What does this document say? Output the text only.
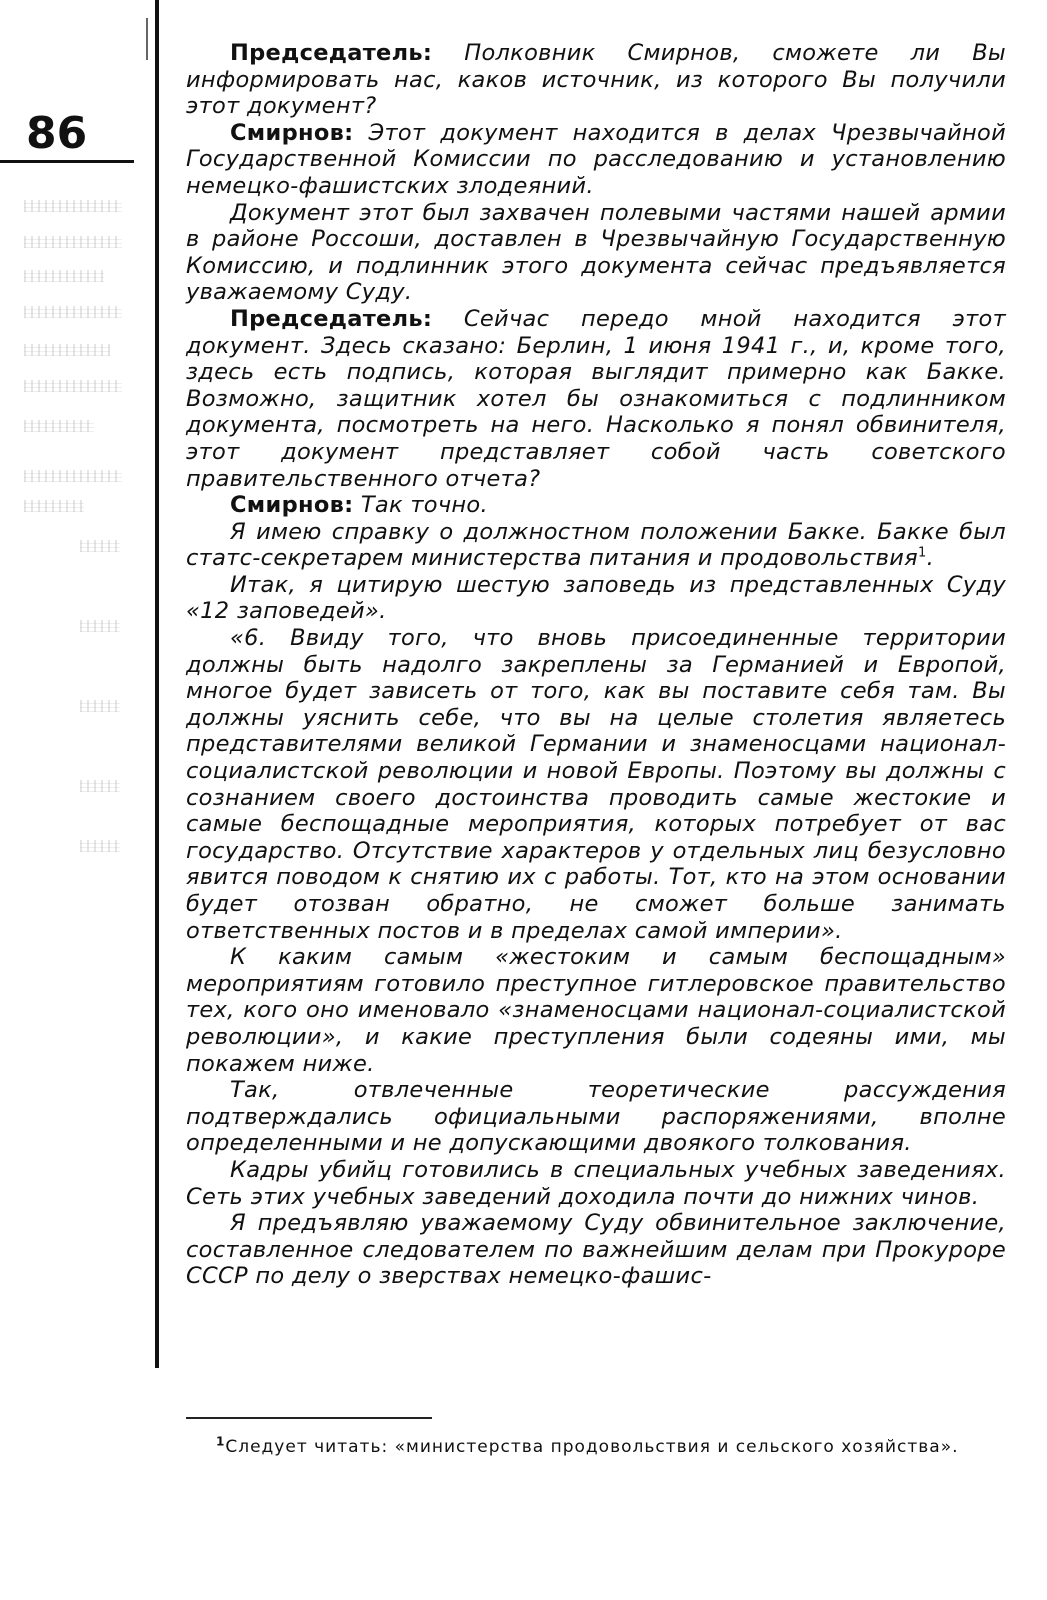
86

Председатель: Полковник Смирнов, сможете ли Вы информировать нас, каков источник, из которого Вы получили этот документ?

Смирнов: Этот документ находится в делах Чрезвычайной Государственной Комиссии по расследованию и установлению немецко-фашистских злодеяний.

Документ этот был захвачен полевыми частями нашей армии в районе Россоши, доставлен в Чрезвычайную Государственную Комиссию, и подлинник этого документа сейчас предъявляется уважаемому Суду.

Председатель: Сейчас передо мной находится этот документ. Здесь сказано: Берлин, 1 июня 1941 г., и, кроме того, здесь есть подпись, которая выглядит примерно как Бакке. Возможно, защитник хотел бы ознакомиться с подлинником документа, посмотреть на него. Насколько я понял обвинителя, этот документ представляет собой часть советского правительственного отчета?

Смирнов: Так точно.

Я имею справку о должностном положении Бакке. Бакке был статс-секретарем министерства питания и продовольствия$^1$.

Итак, я цитирую шестую заповедь из представленных Суду «12 заповедей».

«6. Ввиду того, что вновь присоединенные территории должны быть надолго закреплены за Германией и Европой, многое будет зависеть от того, как вы поставите себя там. Вы должны уяснить себе, что вы на целые столетия являетесь представителями великой Германии и знаменосцами национал-социалистской революции и новой Европы. Поэтому вы должны с сознанием своего достоинства проводить самые жестокие и самые беспощадные мероприятия, которых потребует от вас государство. Отсутствие характеров у отдельных лиц безусловно явится поводом к снятию их с работы. Тот, кто на этом основании будет отозван обратно, не сможет больше занимать ответственных постов и в пределах самой империи».

К каким самым «жестоким и самым беспощадным» мероприятиям готовило преступное гитлеровское правительство тех, кого оно именовало «знаменосцами национал-социалистской революции», и какие преступления были содеяны ими, мы покажем ниже.

Так, отвлеченные теоретические рассуждения подтверждались официальными распоряжениями, вполне определенными и не допускающими двоякого толкования.

Кадры убийц готовились в специальных учебных заведениях. Сеть этих учебных заведений доходила почти до нижних чинов.

Я предъявляю уважаемому Суду обвинительное заключение, составленное следователем по важнейшим делам при Прокуроре СССР по делу о зверствах немецко-фашис-

$^1$Следует читать: «министерства продовольствия и сельского хозяйства».
